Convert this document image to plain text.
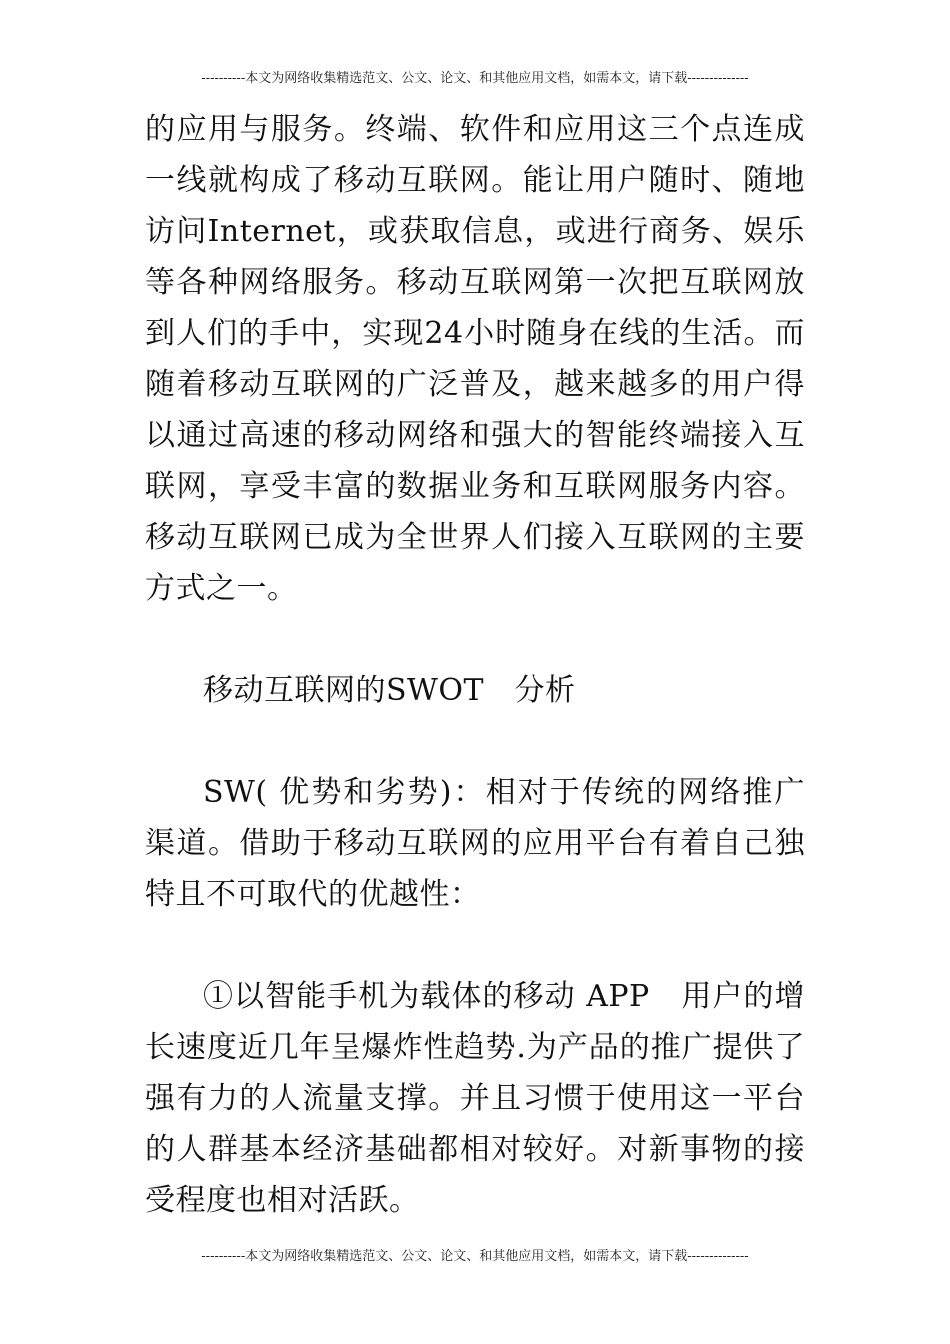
----------本文为网络收集精选范文、公文、论文、和其他应用文档，如需本文，请下载--------------

的应用与服务。终端、软件和应用这三个点连成一线就构成了移动互联网。能让用户随时、随地访问Internet，或获取信息，或进行商务、娱乐等各种网络服务。移动互联网第一次把互联网放到人们的手中，实现24小时随身在线的生活。而随着移动互联网的广泛普及，越来越多的用户得以通过高速的移动网络和强大的智能终端接入互联网，享受丰富的数据业务和互联网服务内容。移动互联网已成为全世界人们接入互联网的主要方式之一。

移动互联网的SWOT　分析

SW( 优势和劣势)：相对于传统的网络推广渠道。借助于移动互联网的应用平台有着自己独特且不可取代的优越性：

①以智能手机为载体的移动 APP　用户的增长速度近几年呈爆炸性趋势.为产品的推广提供了强有力的人流量支撑。并且习惯于使用这一平台的人群基本经济基础都相对较好。对新事物的接受程度也相对活跃。

----------本文为网络收集精选范文、公文、论文、和其他应用文档，如需本文，请下载--------------
